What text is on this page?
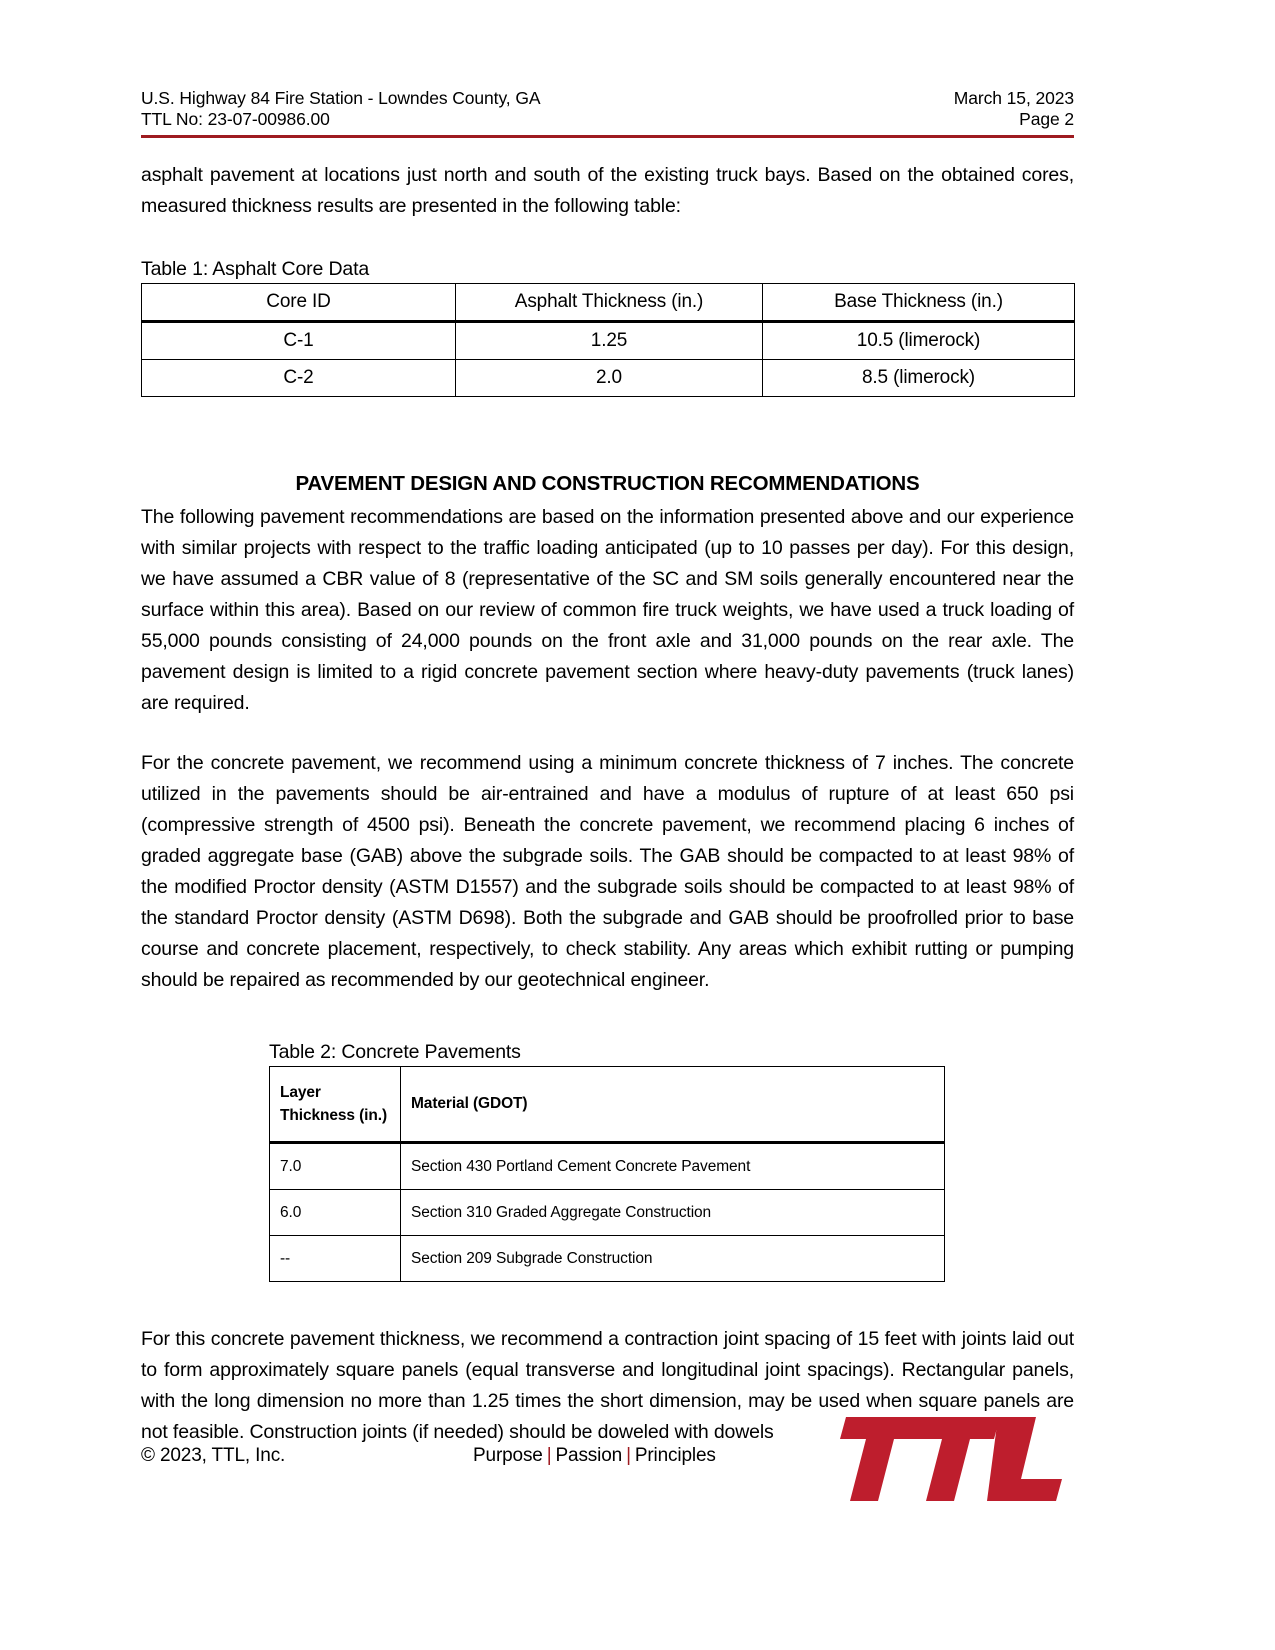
U.S. Highway 84 Fire Station - Lowndes County, GA	March 15, 2023
TTL No: 23-07-00986.00	Page 2

asphalt pavement at locations just north and south of the existing truck bays. Based on the obtained cores, measured thickness results are presented in the following table:

Table 1: Asphalt Core Data
Core ID	Asphalt Thickness (in.)	Base Thickness (in.)
C-1	1.25	10.5 (limerock)
C-2	2.0	8.5 (limerock)
PAVEMENT DESIGN AND CONSTRUCTION RECOMMENDATIONS

The following pavement recommendations are based on the information presented above and our experience with similar projects with respect to the traffic loading anticipated (up to 10 passes per day). For this design, we have assumed a CBR value of 8 (representative of the SC and SM soils generally encountered near the surface within this area). Based on our review of common fire truck weights, we have used a truck loading of 55,000 pounds consisting of 24,000 pounds on the front axle and 31,000 pounds on the rear axle. The pavement design is limited to a rigid concrete pavement section where heavy-duty pavements (truck lanes) are required.

For the concrete pavement, we recommend using a minimum concrete thickness of 7 inches. The concrete utilized in the pavements should be air-entrained and have a modulus of rupture of at least 650 psi (compressive strength of 4500 psi). Beneath the concrete pavement, we recommend placing 6 inches of graded aggregate base (GAB) above the subgrade soils. The GAB should be compacted to at least 98% of the modified Proctor density (ASTM D1557) and the subgrade soils should be compacted to at least 98% of the standard Proctor density (ASTM D698). Both the subgrade and GAB should be proofrolled prior to base course and concrete placement, respectively, to check stability. Any areas which exhibit rutting or pumping should be repaired as recommended by our geotechnical engineer.

Table 2: Concrete Pavements
Layer
Thickness (in.)	Material (GDOT)
7.0	Section 430 Portland Cement Concrete Pavement
6.0	Section 310 Graded Aggregate Construction
--	Section 209 Subgrade Construction

For this concrete pavement thickness, we recommend a contraction joint spacing of 15 feet with joints laid out to form approximately square panels (equal transverse and longitudinal joint spacings). Rectangular panels, with the long dimension no more than 1.25 times the short dimension, may be used when square panels are not feasible. Construction joints (if needed) should be doweled with dowels

© 2023, TTL, Inc.	Purpose | Passion | Principles
